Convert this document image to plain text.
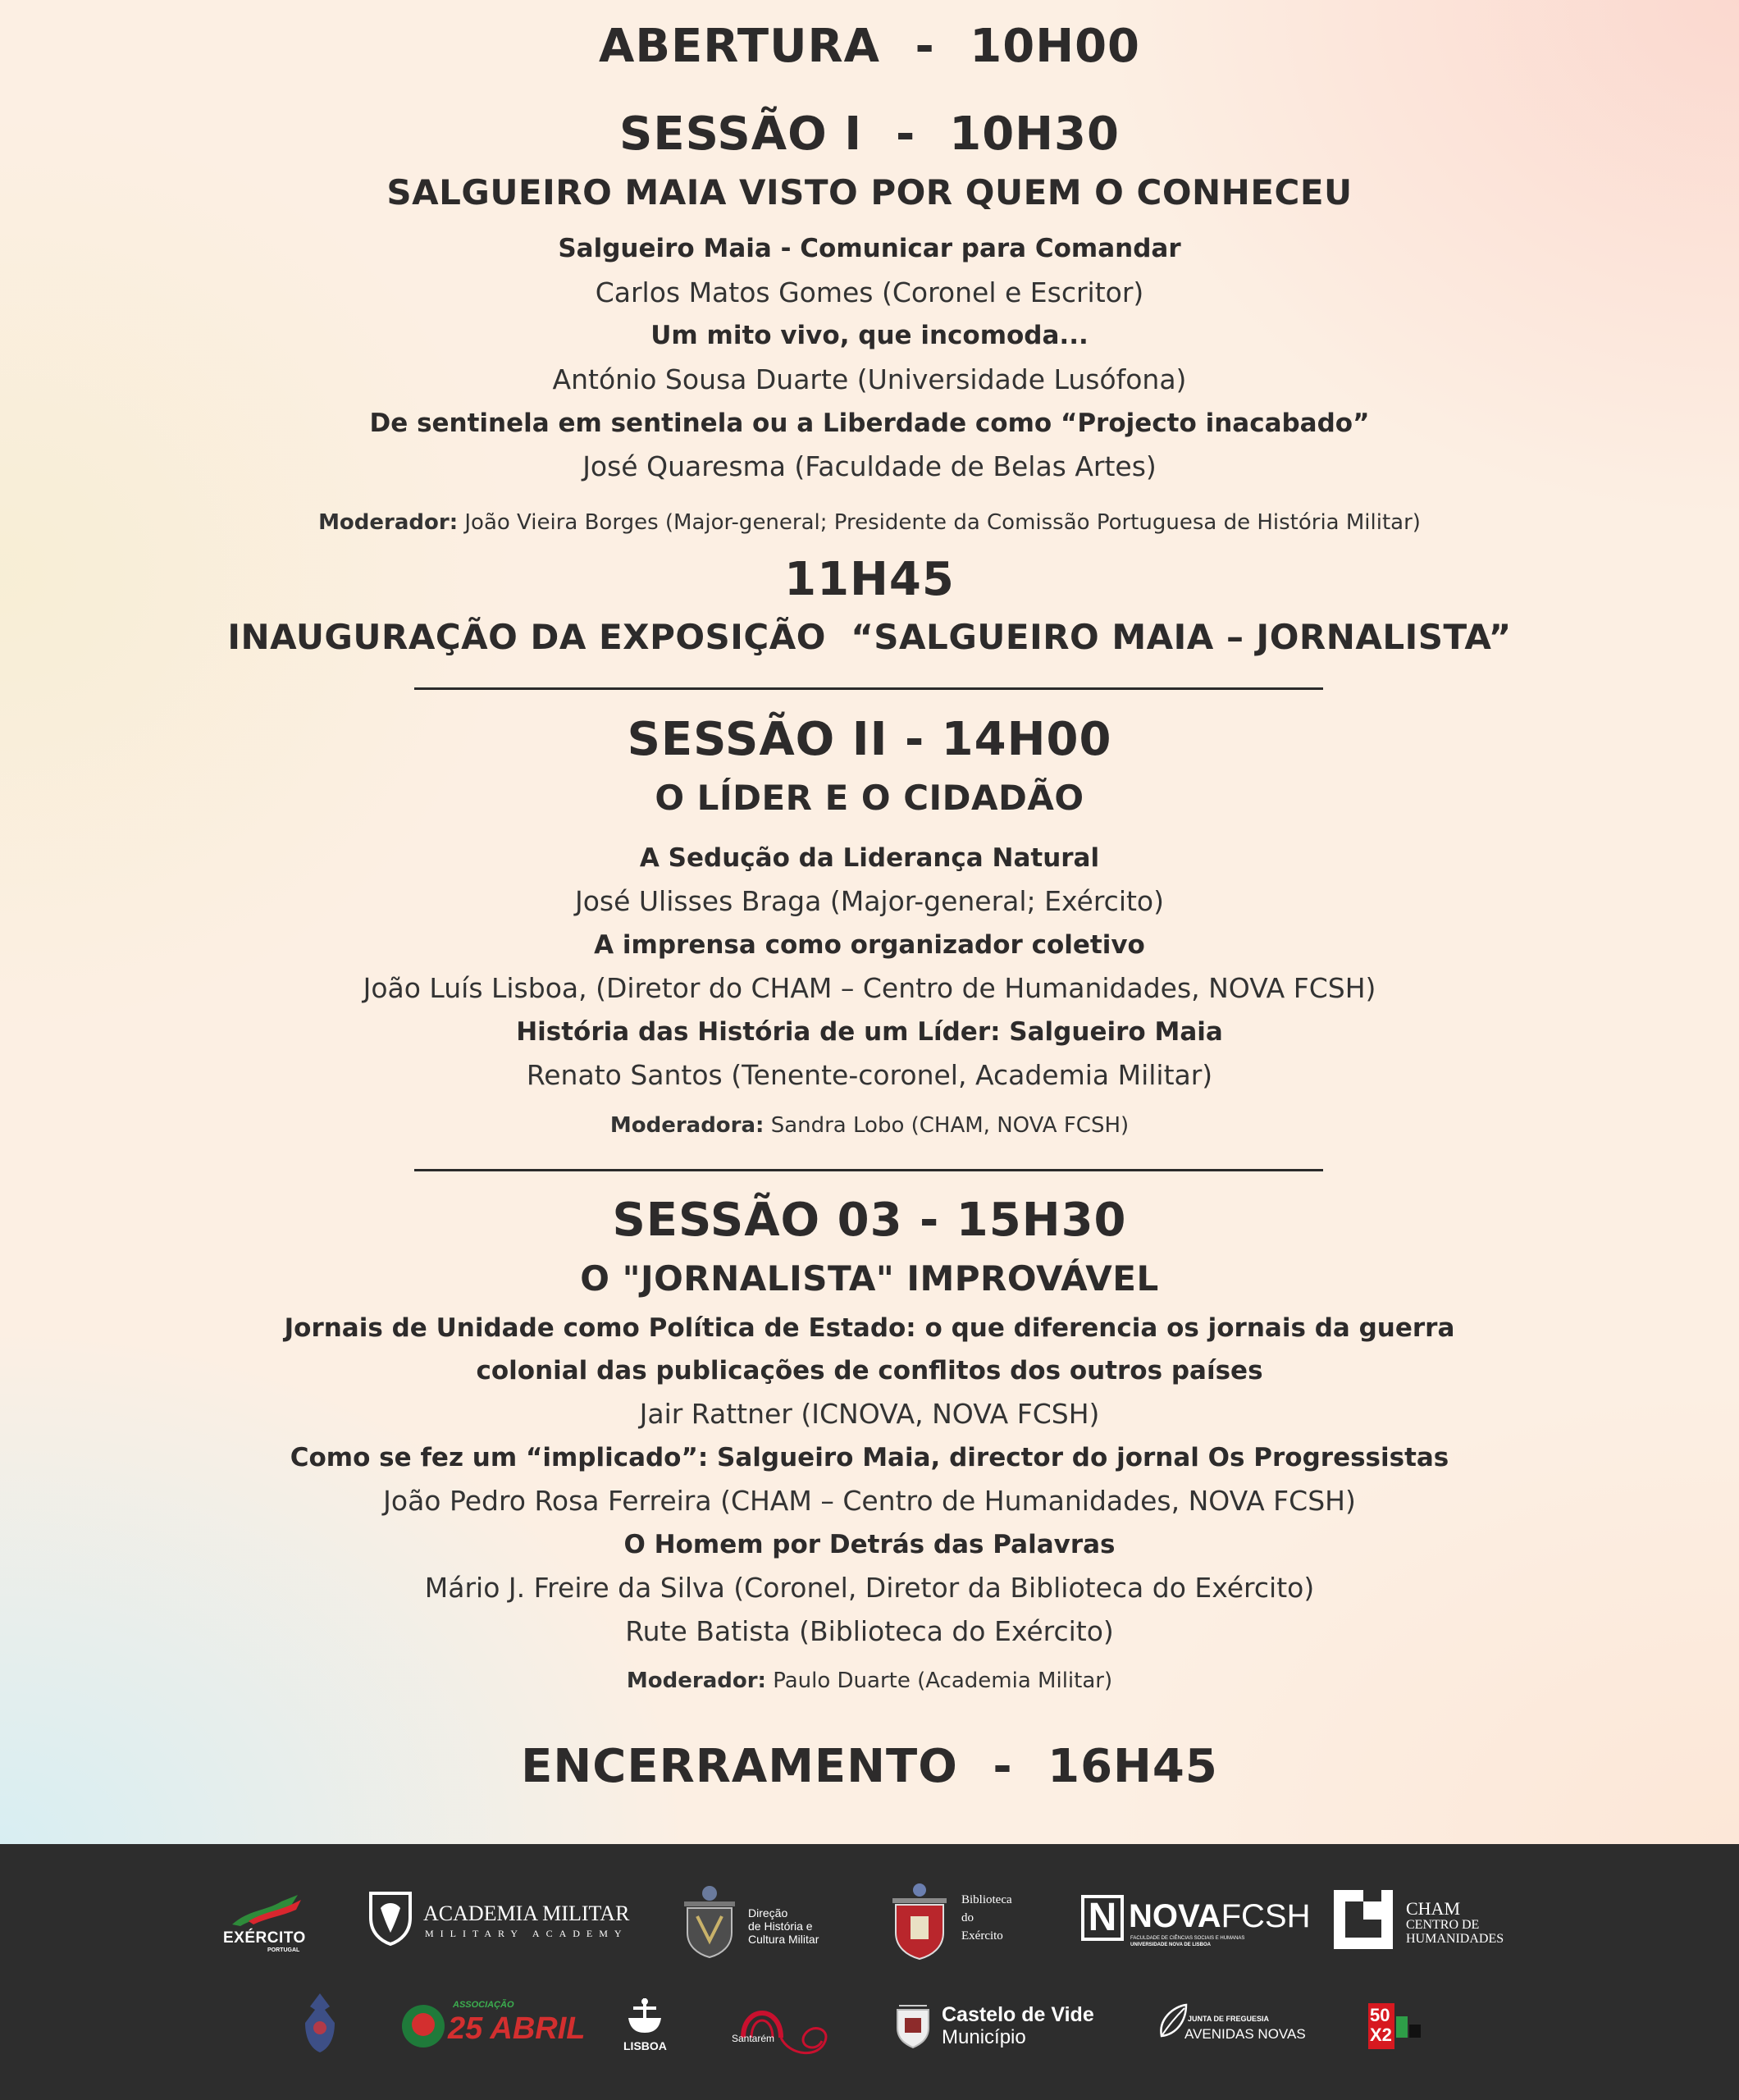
ABERTURA - 10H00
SESSÃO I  -  10H30
SALGUEIRO MAIA VISTO POR QUEM O CONHECEU
Salgueiro Maia - Comunicar para Comandar
Carlos Matos Gomes (Coronel e Escritor)
Um mito vivo, que incomoda...
António Sousa Duarte (Universidade Lusófona)
De sentinela em sentinela ou a Liberdade como “Projecto inacabado”
José Quaresma (Faculdade de Belas Artes)
Moderador: João Vieira Borges (Major-general; Presidente da Comissão Portuguesa de História Militar)
11H45
INAUGURAÇÃO DA EXPOSIÇÃO  “SALGUEIRO MAIA – JORNALISTA”
SESSÃO II - 14H00
O LÍDER E O CIDADÃO
A Sedução da Liderança Natural
José Ulisses Braga (Major-general; Exército)
A imprensa como organizador coletivo
João Luís Lisboa, (Diretor do CHAM – Centro de Humanidades, NOVA FCSH)
História das História de um Líder: Salgueiro Maia
Renato Santos (Tenente-coronel, Academia Militar)
Moderadora: Sandra Lobo (CHAM, NOVA FCSH)
SESSÃO 03 - 15H30
O "JORNALISTA" IMPROVÁVEL
Jornais de Unidade como Política de Estado: o que diferencia os jornais da guerra
colonial das publicações de conflitos dos outros países
Jair Rattner (ICNOVA, NOVA FCSH)
Como se fez um “implicado”: Salgueiro Maia, director do jornal Os Progressistas
João Pedro Rosa Ferreira (CHAM – Centro de Humanidades, NOVA FCSH)
O Homem por Detrás das Palavras
Mário J. Freire da Silva (Coronel, Diretor da Biblioteca do Exército)
Rute Batista (Biblioteca do Exército)
Moderador: Paulo Duarte (Academia Militar)
ENCERRAMENTO - 16H45
EXÉRCITO
PORTUGAL
ACADEMIA MILITAR
MILITARY ACADEMY
Direção
de História e
Cultura Militar
Biblioteca
do
Exército N NOVAFCSH
FACULDADE DE CIÊNCIAS SOCIAIS E HUMANAS
UNIVERSIDADE NOVA DE LISBOA
CHAM
CENTRO DE
HUMANIDADES
ASSOCIAÇÃO
25 ABRIL	LISBOA
Santarém
Castelo de Vide
Município
JUNTA DE FREGUESIA
AVENIDAS NOVAS
50
X2
